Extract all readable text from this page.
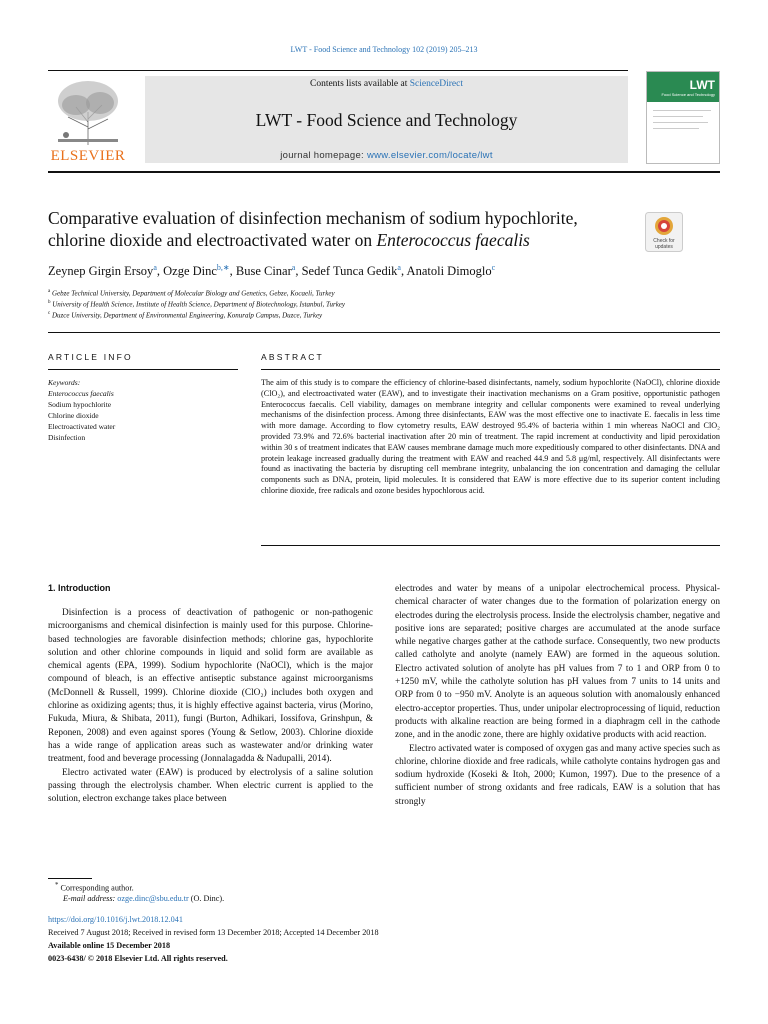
LWT - Food Science and Technology 102 (2019) 205–213
ELSEVIER
Contents lists available at ScienceDirect
LWT - Food Science and Technology
journal homepage: www.elsevier.com/locate/lwt
LWT
Food Science and Technology
Comparative evaluation of disinfection mechanism of sodium hypochlorite, chlorine dioxide and electroactivated water on Enterococcus faecalis	Check for
updates
Zeynep Girgin Ersoy$^a$, Ozge Dinc$^{b,∗}$, Buse Cinar$^a$, Sedef Tunca Gedik$^a$, Anatoli Dimoglo$^c$
$^a$ Gebze Technical University, Department of Molecular Biology and Genetics, Gebze, Kocaeli, Turkey
$^b$ University of Health Science, Institute of Health Science, Department of Biotechnology, Istanbul, Turkey
$^c$ Duzce University, Department of Environmental Engineering, Konuralp Campus, Duzce, Turkey
ARTICLE INFO
Keywords:
Enterococcus faecalis
Sodium hypochlorite
Chlorine dioxide
Electroactivated water
Disinfection
ABSTRACT
The aim of this study is to compare the efficiency of chlorine-based disinfectants, namely, sodium hypochlorite (NaOCl), chlorine dioxide (ClO₂), and electroactivated water (EAW), and to investigate their inactivation mechanisms on a Gram positive, opportunistic pathogen Enterococcus faecalis. Cell viability, damages on membrane integrity and cellular components were examined to reveal underlying mechanisms of the disinfection process. Among three disinfectants, EAW was the most effective one to inactivate E. faecalis in less time with more damage. According to flow cytometry results, EAW destroyed 95.4% of bacteria within 1 min whereas NaOCl and ClO₂ provided 73.9% and 72.6% bacterial inactivation after 20 min of treatment. The rapid increment at conductivity and lipid peroxidation within 30 s of treatment indicates that EAW causes membrane damage much more expeditiously compared to other disinfectants. DNA and protein leakage increased gradually during the treatment with EAW and reached 44.9 and 5.8 μg/ml, respectively. All disinfectants were found as inactivating the bacteria by disrupting cell membrane integrity, unbalancing the ion concentration and damaging the cellular components such as DNA, protein, lipid molecules. It is considered that EAW is more effective due to its superior content including chlorine dioxide, free radicals and ozone besides hypochlorous acid.
1. Introduction

Disinfection is a process of deactivation of pathogenic or non-pathogenic microorganisms and chemical disinfection is mainly used for this purpose. Chlorine-based technologies are favorable disinfection methods; chlorine gas, hypochlorite solution and other chlorine compounds in liquid and solid form are available as chemical agents (EPA, 1999). Sodium hypochlorite (NaOCl), which is the major compound of bleach, is an effective antiseptic substance against microorganisms (McDonnell & Russell, 1999). Chlorine dioxide (ClO₂) includes both oxygen and chlorine as oxidizing agents; thus, it is highly effective against bacteria, virus (Morino, Fukuda, Miura, & Shibata, 2011), fungi (Burton, Adhikari, Iossifova, Grinshpun, & Reponen, 2008) and even against spores (Young & Setlow, 2003). Chlorine dioxide has a wide range of application areas such as wastewater and/or drinking water treatment, food and beverage processing (Jonnalagadda & Nadupalli, 2014).

Electro activated water (EAW) is produced by electrolysis of a saline solution passing through the electrolysis chamber. When electric current is applied to the solution, electron exchange takes place between

electrodes and water by means of a unipolar electrochemical process. Physical-chemical character of water changes due to the formation of polarization energy on electrodes during the electrolysis process. Inside the electrolysis chamber, negative and positive ions are separated; positive charges are accumulated at the anode surface while negative charges gather at the cathode surface. Consequently, two new products called catholyte and anolyte (namely EAW) are formed in the aqueous solution. Electro activated solution of anolyte has pH values from 7 to 1 and ORP from 0 to +1250 mV, while the catholyte solution has pH values from 7 units to 14 units and ORP from 0 to −950 mV. Anolyte is an aqueous solution with anomalously enhanced electro-acceptor properties. Thus, under unipolar electroprocessing of liquid, reduction products with alkaline reaction are being formed in a diaphragm cell in the cathode zone, and in the anodic zone, there are highly oxidative products with acid reaction.

Electro activated water is composed of oxygen gas and many active species such as chlorine, chlorine dioxide and free radicals, while catholyte contains hydrogen gas and sodium hydroxide (Koseki & Itoh, 2000; Kumon, 1997). Due to the presence of a sufficient number of strong oxidants and free radicals, EAW is a solution that has strongly

* Corresponding author.
E-mail address: ozge.dinc@sbu.edu.tr (O. Dinc).
https://doi.org/10.1016/j.lwt.2018.12.041
Received 7 August 2018; Received in revised form 13 December 2018; Accepted 14 December 2018
Available online 15 December 2018
0023-6438/ © 2018 Elsevier Ltd. All rights reserved.
